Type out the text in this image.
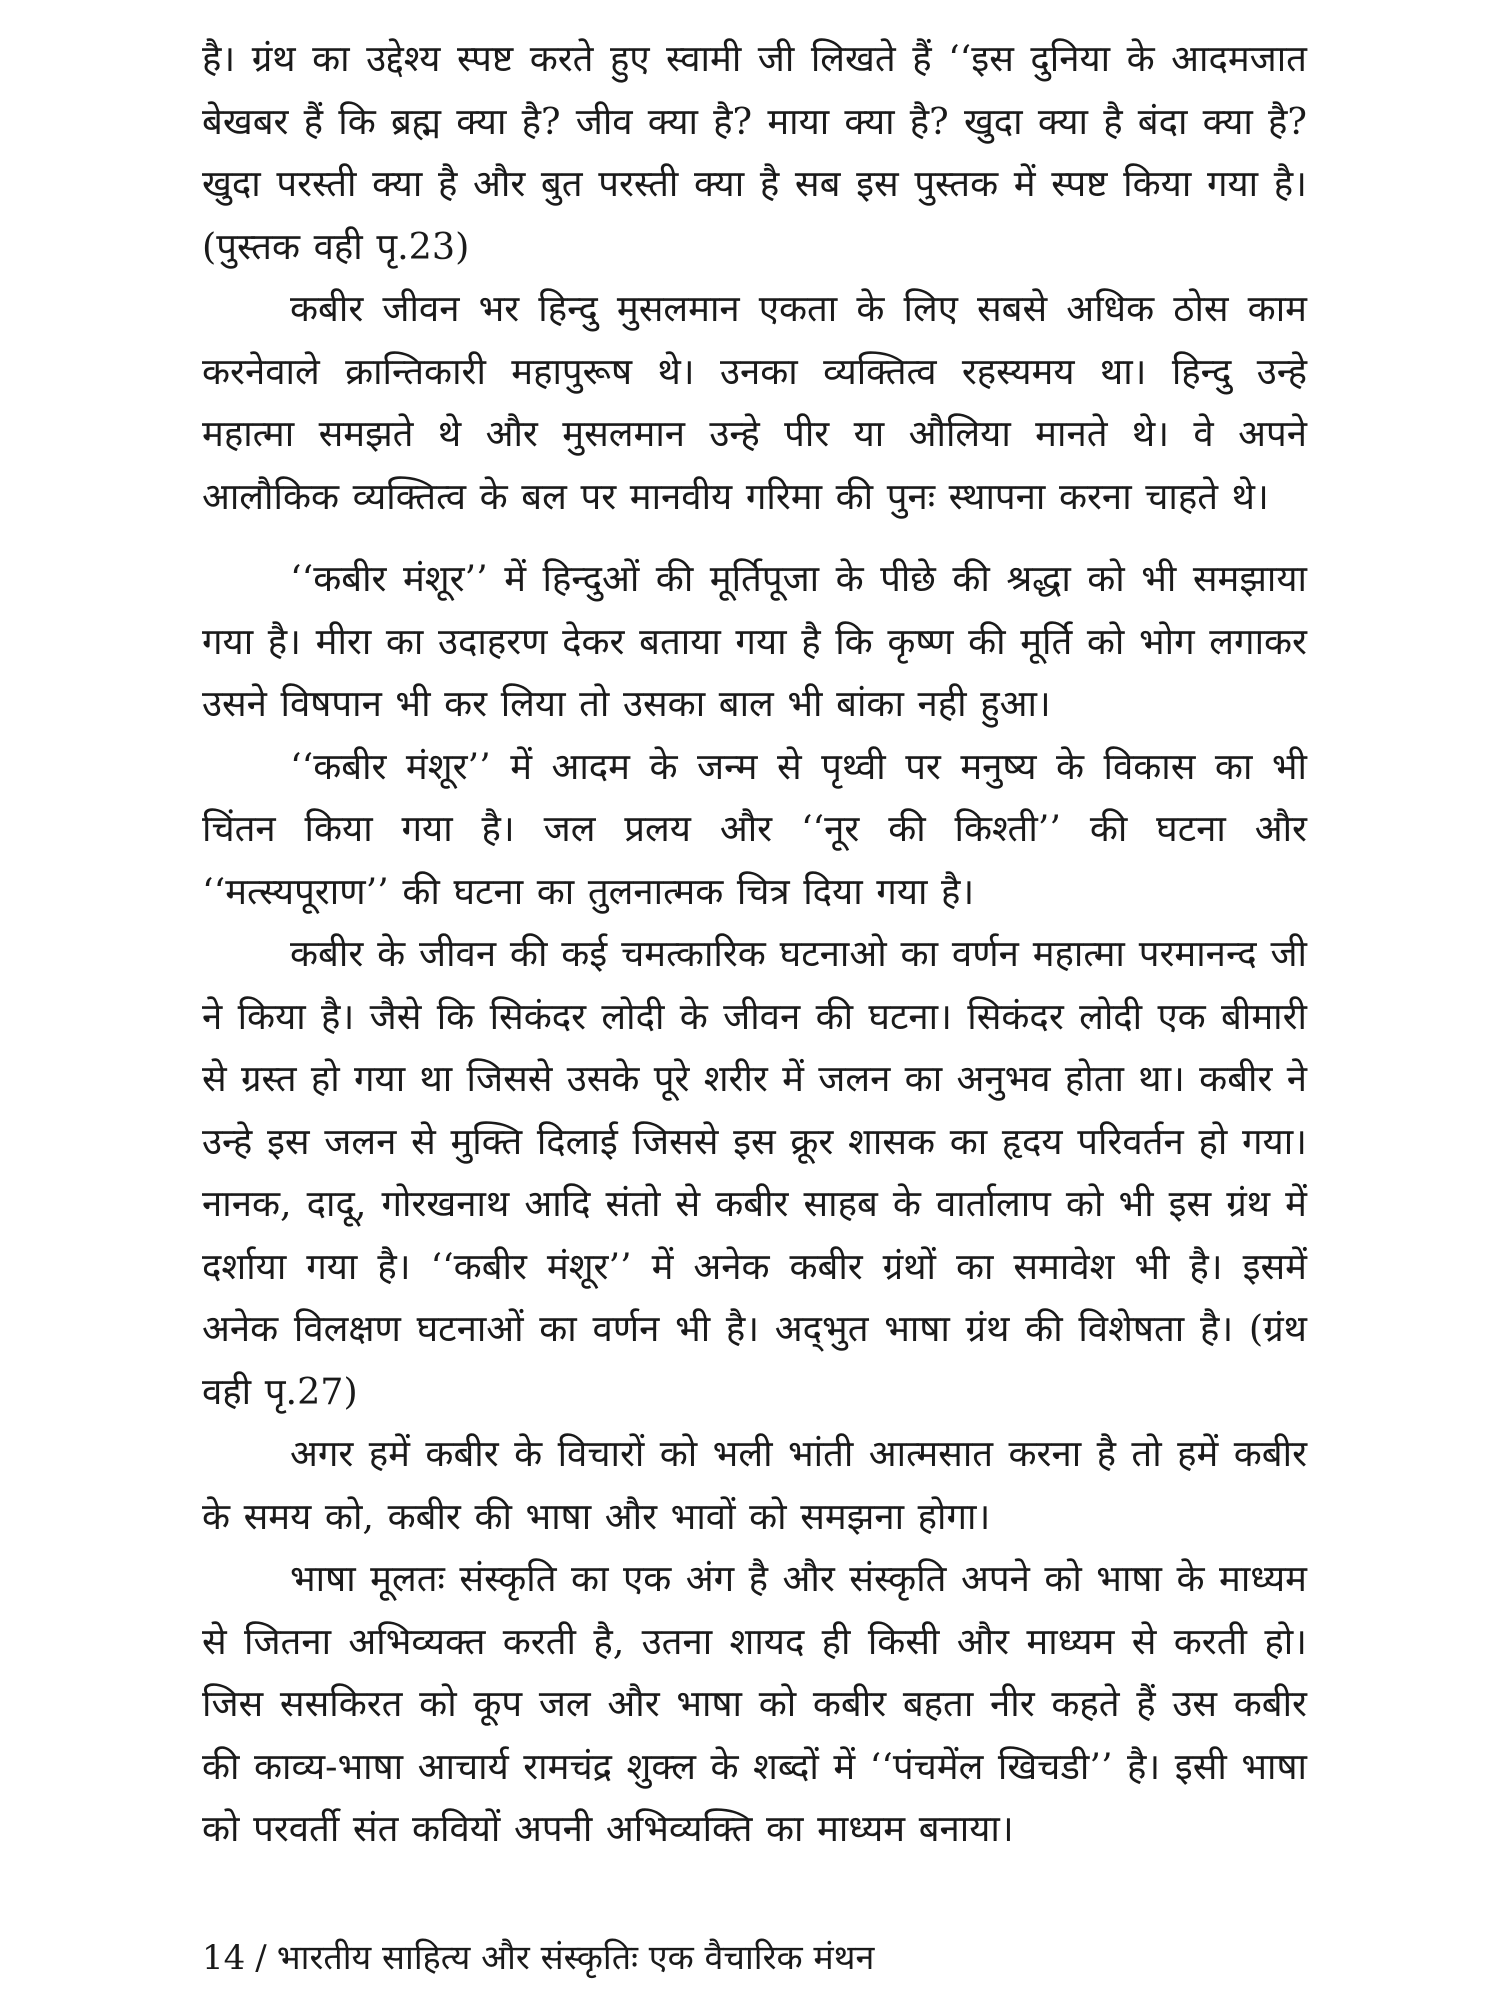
है। ग्रंथ का उद्देश्य स्पष्ट करते हुए स्वामी जी लिखते हैं ‘‘इस दुनिया के आदमजात बेखबर हैं कि ब्रह्म क्या है? जीव क्या है? माया क्या है? खुदा क्या है बंदा क्या है? खुदा परस्ती क्या है और बुत परस्ती क्या है सब इस पुस्तक में स्पष्ट किया गया है। (पुस्तक वही पृ.23)

कबीर जीवन भर हिन्दु मुसलमान एकता के लिए सबसे अधिक ठोस काम करनेवाले क्रान्तिकारी महापुरूष थे। उनका व्यक्तित्व रहस्यमय था। हिन्दु उन्हे महात्मा समझते थे और मुसलमान उन्हे पीर या औलिया मानते थे। वे अपने आलौकिक व्यक्तित्व के बल पर मानवीय गरिमा की पुनः स्थापना करना चाहते थे।

‘‘कबीर मंशूर’’ में हिन्दुओं की मूर्तिपूजा के पीछे की श्रद्धा को भी समझाया गया है। मीरा का उदाहरण देकर बताया गया है कि कृष्ण की मूर्ति को भोग लगाकर उसने विषपान भी कर लिया तो उसका बाल भी बांका नही हुआ।

‘‘कबीर मंशूर’’ में आदम के जन्म से पृथ्वी पर मनुष्य के विकास का भी चिंतन किया गया है। जल प्रलय और ‘‘नूर की किश्ती’’ की घटना और ‘‘मत्स्यपूराण’’ की घटना का तुलनात्मक चित्र दिया गया है।

कबीर के जीवन की कई चमत्कारिक घटनाओ का वर्णन महात्मा परमानन्द जी ने किया है। जैसे कि सिकंदर लोदी के जीवन की घटना। सिकंदर लोदी एक बीमारी से ग्रस्त हो गया था जिससे उसके पूरे शरीर में जलन का अनुभव होता था। कबीर ने उन्हे इस जलन से मुक्ति दिलाई जिससे इस क्रूर शासक का हृदय परिवर्तन हो गया। नानक, दादू, गोरखनाथ आदि संतो से कबीर साहब के वार्तालाप को भी इस ग्रंथ में दर्शाया गया है। ‘‘कबीर मंशूर’’ में अनेक कबीर ग्रंथों का समावेश भी है। इसमें अनेक विलक्षण घटनाओं का वर्णन भी है। अद्‌भुत भाषा ग्रंथ की विशेषता है। (ग्रंथ वही पृ.27)

अगर हमें कबीर के विचारों को भली भांती आत्मसात करना है तो हमें कबीर के समय को, कबीर की भाषा और भावों को समझना होगा।

भाषा मूलतः संस्कृति का एक अंग है और संस्कृति अपने को भाषा के माध्यम से जितना अभिव्यक्त करती है, उतना शायद ही किसी और माध्यम से करती हो। जिस ससकिरत को कूप जल और भाषा को कबीर बहता नीर कहते हैं उस कबीर की काव्य-भाषा आचार्य रामचंद्र शुक्ल के शब्दों में ‘‘पंचमेंल खिचडी’’ है। इसी भाषा को परवर्ती संत कवियों अपनी अभिव्यक्ति का माध्यम बनाया।

14 / भारतीय साहित्य और संस्कृतिः एक वैचारिक मंथन
